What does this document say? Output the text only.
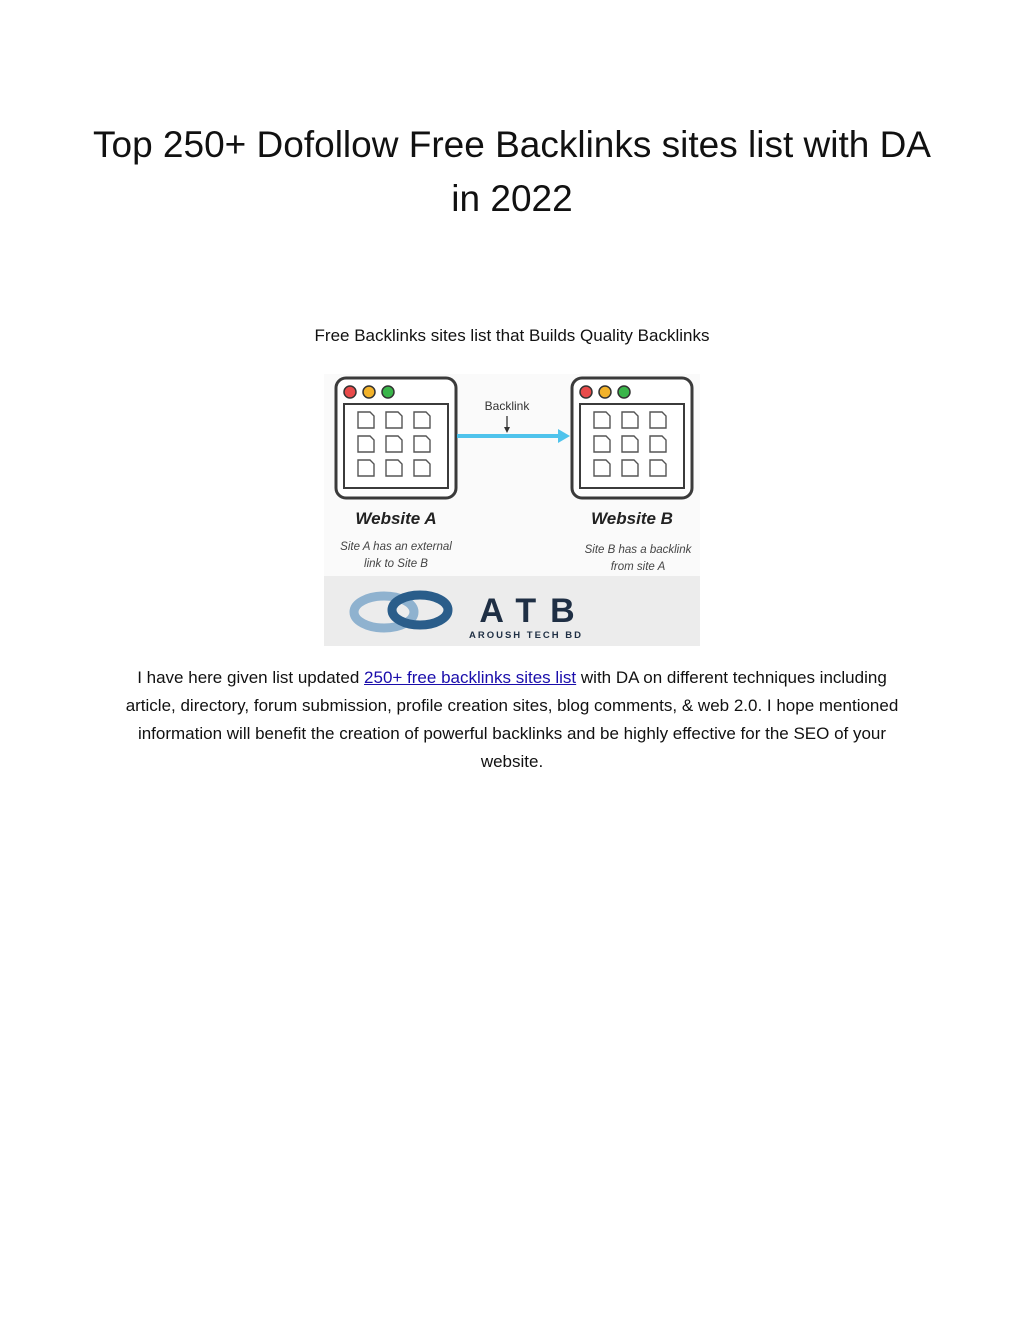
Top 250+ Dofollow Free Backlinks sites list with DA in 2022
Free Backlinks sites list that Builds Quality Backlinks
Backlink
Website A
Site A has an external
link to Site B
Website B
Site B has a backlink
from site A
ATB
AROUSH TECH BD
I have here given list updated 250+ free backlinks sites list with DA on different techniques including article, directory, forum submission, profile creation sites, blog comments, & web 2.0. I hope mentioned information will benefit the creation of powerful backlinks and be highly effective for the SEO of your website.
